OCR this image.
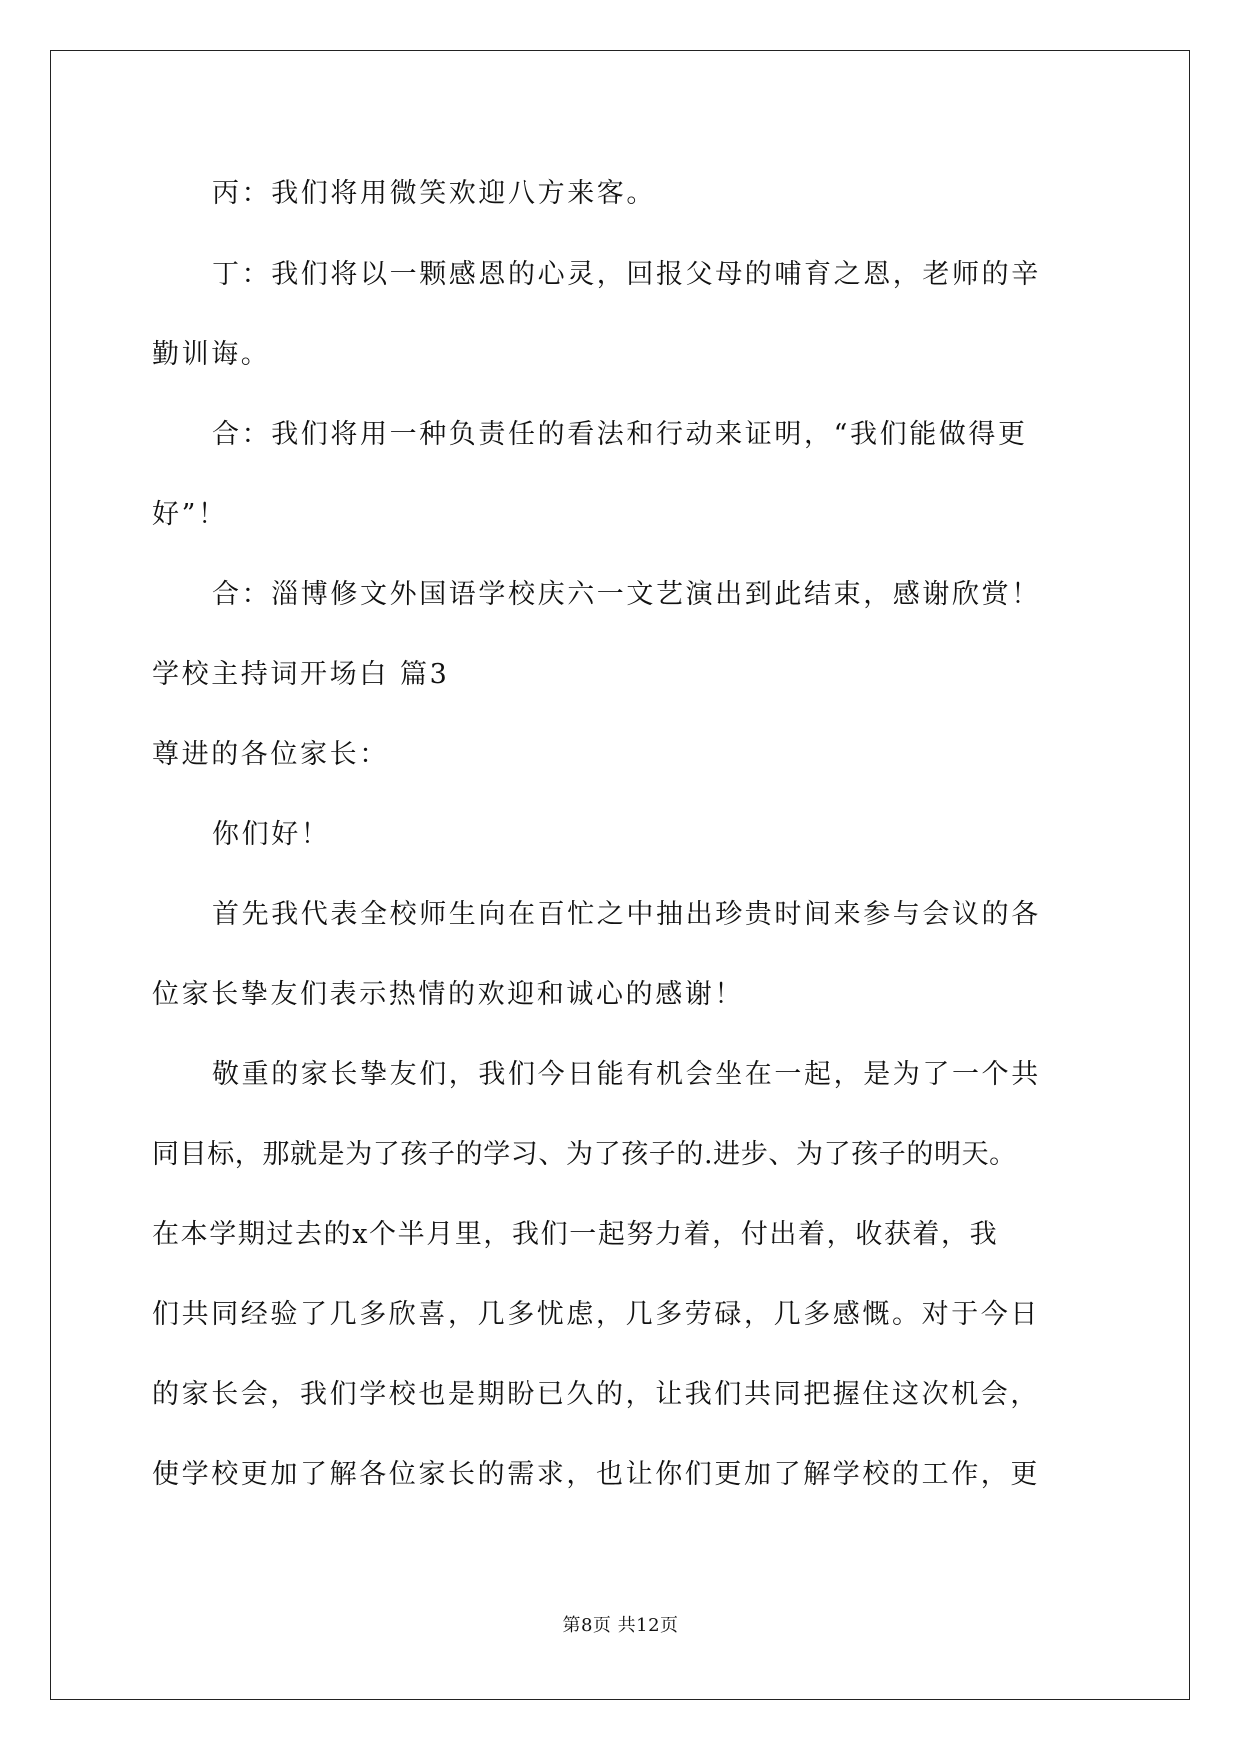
丙：我们将用微笑欢迎八方来客。
丁：我们将以一颗感恩的心灵，回报父母的哺育之恩，老师的辛
勤训诲。
合：我们将用一种负责任的看法和行动来证明，“我们能做得更
好”！
合：淄博修文外国语学校庆六一文艺演出到此结束，感谢欣赏！
学校主持词开场白 篇3
尊进的各位家长：
你们好！
首先我代表全校师生向在百忙之中抽出珍贵时间来参与会议的各
位家长挚友们表示热情的欢迎和诚心的感谢！
敬重的家长挚友们，我们今日能有机会坐在一起，是为了一个共
同目标，那就是为了孩子的学习、为了孩子的.进步、为了孩子的明天。
在本学期过去的x个半月里，我们一起努力着，付出着，收获着，我
们共同经验了几多欣喜，几多忧虑，几多劳碌，几多感慨。对于今日
的家长会，我们学校也是期盼已久的，让我们共同把握住这次机会，
使学校更加了解各位家长的需求，也让你们更加了解学校的工作，更
第8页 共12页
